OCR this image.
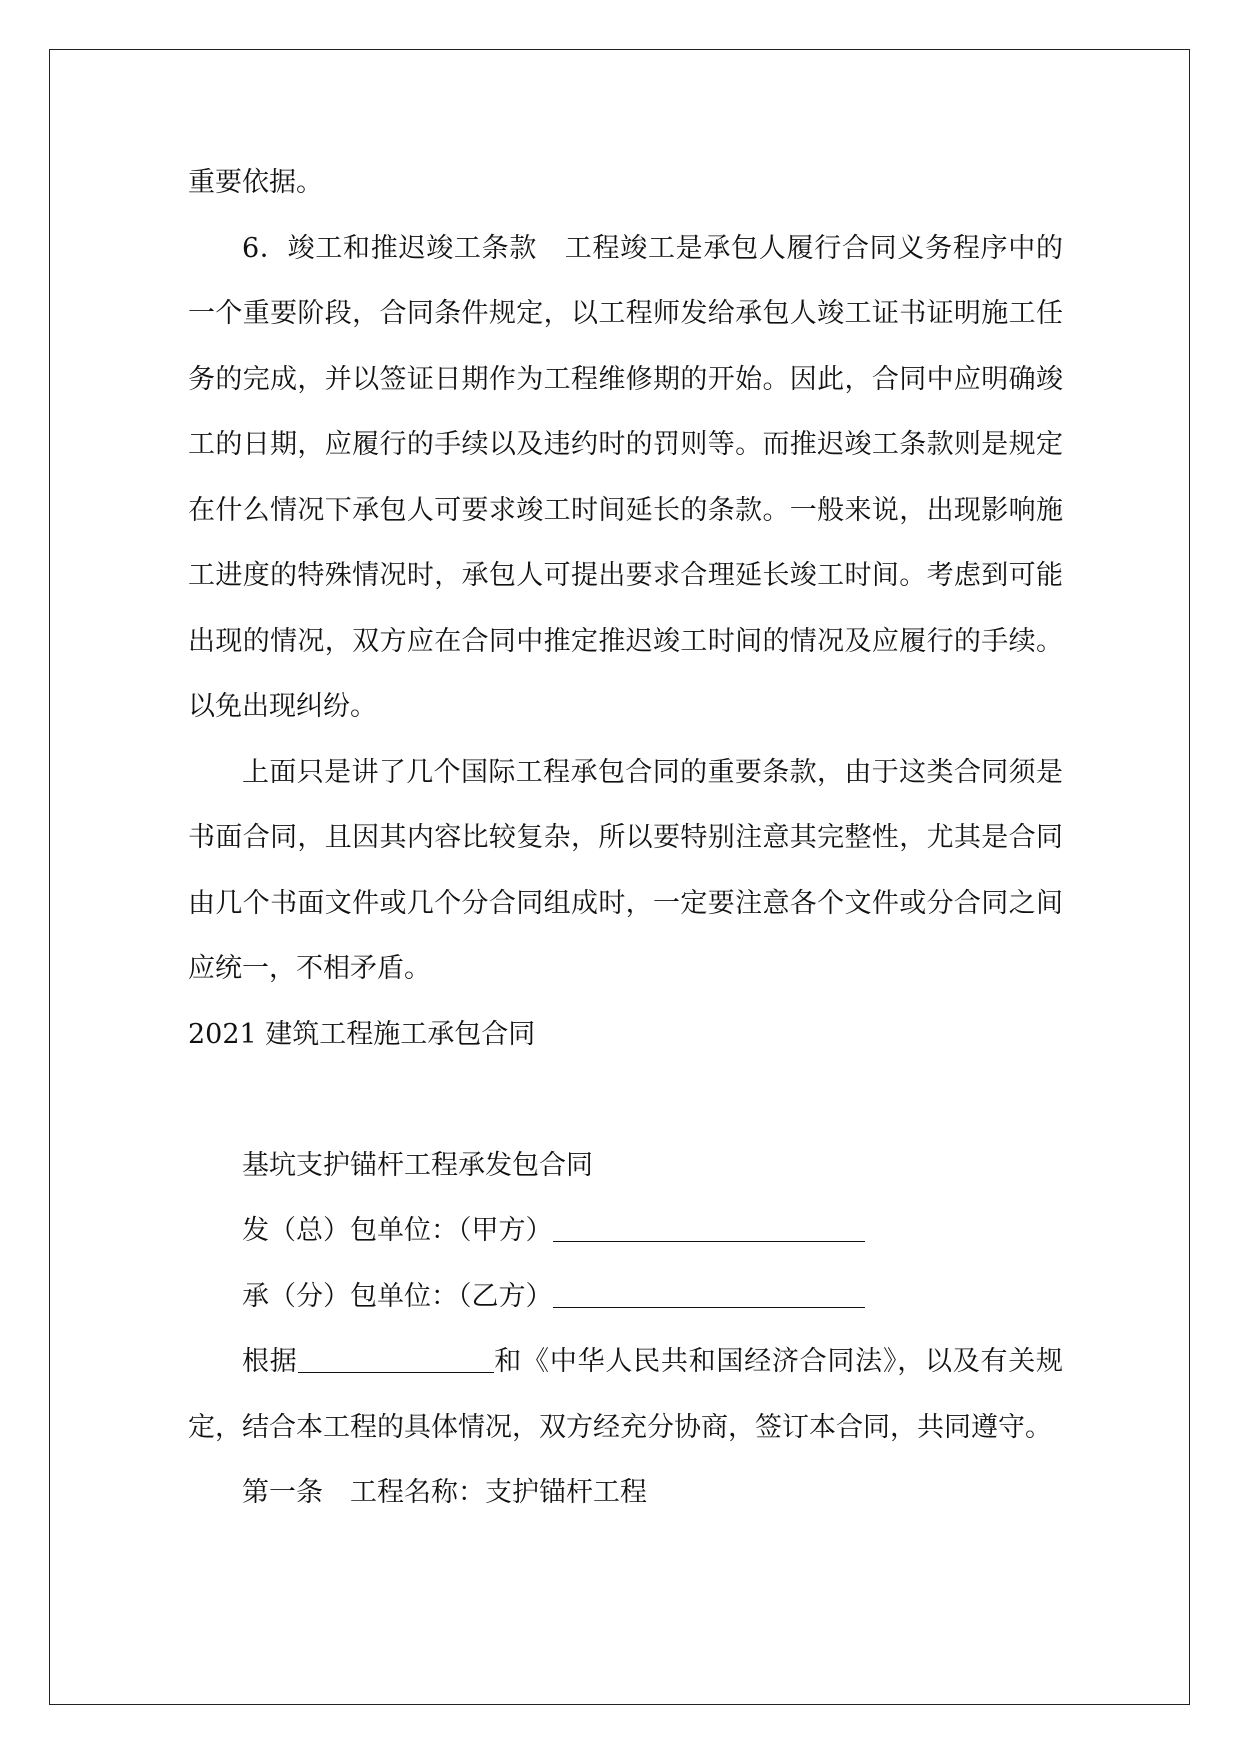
重要依据。

6．竣工和推迟竣工条款　工程竣工是承包人履行合同义务程序中的一个重要阶段，合同条件规定，以工程师发给承包人竣工证书证明施工任务的完成，并以签证日期作为工程维修期的开始。因此，合同中应明确竣工的日期，应履行的手续以及违约时的罚则等。而推迟竣工条款则是规定在什么情况下承包人可要求竣工时间延长的条款。一般来说，出现影响施工进度的特殊情况时，承包人可提出要求合理延长竣工时间。考虑到可能出现的情况，双方应在合同中推定推迟竣工时间的情况及应履行的手续。以免出现纠纷。

上面只是讲了几个国际工程承包合同的重要条款，由于这类合同须是书面合同，且因其内容比较复杂，所以要特别注意其完整性，尤其是合同由几个书面文件或几个分合同组成时，一定要注意各个文件或分合同之间应统一，不相矛盾。

2021 建筑工程施工承包合同

基坑支护锚杆工程承发包合同

发（总）包单位：（甲方）

承（分）包单位：（乙方）

根据	和《中华人民共和国经济合同法》，以及有关规定，结合本工程的具体情况，双方经充分协商，签订本合同，共同遵守。

第一条　工程名称：支护锚杆工程
